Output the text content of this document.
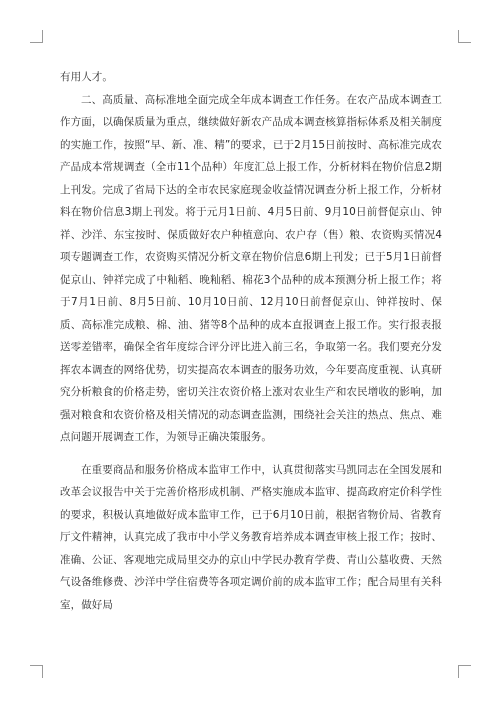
有用人才。

二、高质量、高标准地全面完成全年成本调查工作任务。在农产品成本调查工作方面，以确保质量为重点，继续做好新农产品成本调查核算指标体系及相关制度的实施工作，按照“早、新、准、精”的要求，已于2月15日前按时、高标准完成农产品成本常规调查（全市11个品种）年度汇总上报工作，分析材料在物价信息2期上刊发。完成了省局下达的全市农民家庭现金收益情况调查分析上报工作，分析材料在物价信息3期上刊发。将于元月1日前、4月5日前、9月10日前督促京山、钟祥、沙洋、东宝按时、保质做好农户种植意向、农户存（售）粮、农资购买情况4项专题调查工作，农资购买情况分析文章在物价信息6期上刊发；已于5月1日前督促京山、钟祥完成了中籼稻、晚籼稻、棉花3个品种的成本预测分析上报工作；将于7月1日前、8月5日前、10月10日前、12月10日前督促京山、钟祥按时、保质、高标准完成粮、棉、油、猪等8个品种的成本直报调查上报工作。实行报表报送零差错率，确保全省年度综合评分评比进入前三名，争取第一名。我们要充分发挥农本调查的网络优势，切实提高农本调查的服务功效，今年要高度重视、认真研究分析粮食的价格走势，密切关注农资价格上涨对农业生产和农民增收的影响，加强对粮食和农资价格及相关情况的动态调查监测，围绕社会关注的热点、焦点、难点问题开展调查工作，为领导正确决策服务。

在重要商品和服务价格成本监审工作中，认真贯彻落实马凯同志在全国发展和改革会议报告中关于完善价格形成机制、严格实施成本监审、提高政府定价科学性的要求，积极认真地做好成本监审工作，已于6月10日前，根据省物价局、省教育厅文件精神，认真完成了我市中小学义务教育培养成本调查审核上报工作；按时、准确、公证、客观地完成局里交办的京山中学民办教育学费、青山公墓收费、天然气设备维修费、沙洋中学住宿费等各项定调价前的成本监审工作；配合局里有关科室，做好局
